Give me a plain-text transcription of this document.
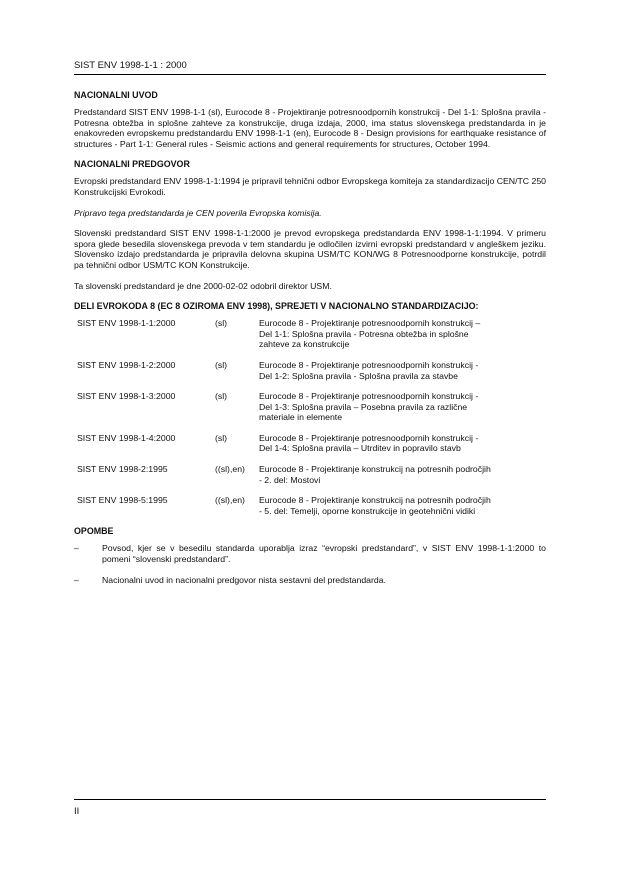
SIST ENV 1998-1-1 : 2000
NACIONALNI UVOD

Predstandard SIST ENV 1998-1-1 (sl), Eurocode 8 - Projektiranje potresnoodpornih konstrukcij - Del 1-1: Splošna pravila - Potresna obtežba in splošne zahteve za konstrukcije, druga izdaja, 2000, ima status slovenskega predstandarda in je enakovreden evropskemu predstandardu ENV 1998-1-1 (en), Eurocode 8 - Design provisions for earthquake resistance of structures - Part 1-1: General rules - Seismic actions and general requirements for structures, October 1994.

NACIONALNI PREDGOVOR

Evropski predstandard ENV 1998-1-1:1994 je pripravil tehnični odbor Evropskega komiteja za standardizacijo CEN/TC 250 Konstrukcijski Evrokodi.

Pripravo tega predstandarda je CEN poverila Evropska komisija.

Slovenski predstandard SIST ENV 1998-1-1:2000 je prevod evropskega predstandarda ENV 1998-1-1:1994. V primeru spora glede besedila slovenskega prevoda v tem standardu je odločilen izvirni evropski predstandard v angleškem jeziku. Slovensko izdajo predstandarda je pripravila delovna skupina USM/TC KON/WG 8 Potresnoodporne konstrukcije, potrdil pa tehnični odbor USM/TC KON Konstrukcije.

Ta slovenski predstandard je dne 2000-02-02 odobril direktor USM.

DELI EVROKODA 8 (EC 8 OZIROMA ENV 1998), SPREJETI V NACIONALNO STANDARDIZACIJO:
SIST ENV 1998-1-1:2000	(sl)	Eurocode 8 - Projektiranje potresnoodpornih konstrukcij –
Del 1-1: Splošna pravila - Potresna obtežba in splošne
zahteve za konstrukcije
SIST ENV 1998-1-2:2000	(sl)	Eurocode 8 - Projektiranje potresnoodpornih konstrukcij -
Del 1-2: Splošna pravila - Splošna pravila za stavbe
SIST ENV 1998-1-3:2000	(sl)	Eurocode 8 - Projektiranje potresnoodpornih konstrukcij -
Del 1-3: Splošna pravila – Posebna pravila za različne
materiale in elemente
SIST ENV 1998-1-4:2000	(sl)	Eurocode 8 - Projektiranje potresnoodpornih konstrukcij -
Del 1-4: Splošna pravila – Utrditev in popravilo stavb
SIST ENV 1998-2:1995	((sl),en)	Eurocode 8 - Projektiranje konstrukcij na potresnih področjih
- 2. del: Mostovi
SIST ENV 1998-5:1995	((sl),en)	Eurocode 8 - Projektiranje konstrukcij na potresnih področjih
- 5. del: Temelji, oporne konstrukcije in geotehnični vidiki
OPOMBE
–	Povsod, kjer se v besedilu standarda uporablja izraz “evropski predstandard”, v SIST ENV 1998-1-1:2000 to pomeni “slovenski predstandard”.
–	Nacionalni uvod in nacionalni predgovor nista sestavni del predstandarda.
II
